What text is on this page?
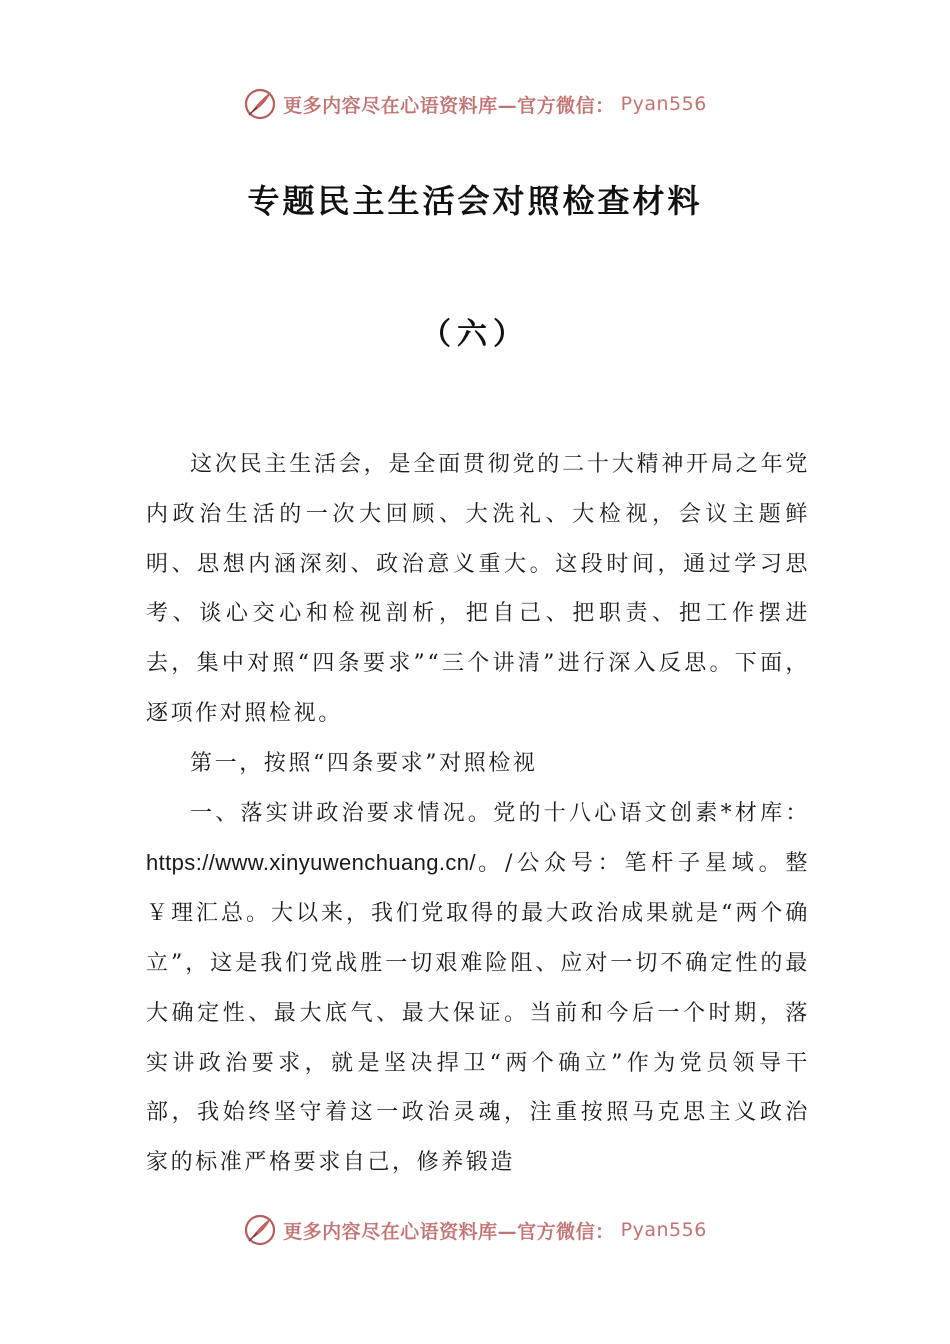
更多内容尽在心语资料库—官方微信： Pyan556
专题民主生活会对照检查材料
（六）

这次民主生活会，是全面贯彻党的二十大精神开局之年党内政治生活的一次大回顾、大洗礼、大检视，会议主题鲜明、思想内涵深刻、政治意义重大。这段时间，通过学习思考、谈心交心和检视剖析，把自己、把职责、把工作摆进去，集中对照“四条要求”“三个讲清”进行深入反思。下面，逐项作对照检视。

第一，按照“四条要求”对照检视

一、落实讲政治要求情况。党的十八心语文创素*材库：https://www.xinyuwenchuang.cn/。/公众号：笔杆子星域。整￥理汇总。大以来，我们党取得的最大政治成果就是“两个确立”，这是我们党战胜一切艰难险阻、应对一切不确定性的最大确定性、最大底气、最大保证。当前和今后一个时期，落实讲政治要求，就是坚决捍卫“两个确立”作为党员领导干部，我始终坚守着这一政治灵魂，注重按照马克思主义政治家的标准严格要求自己，修养锻造

更多内容尽在心语资料库—官方微信： Pyan556
